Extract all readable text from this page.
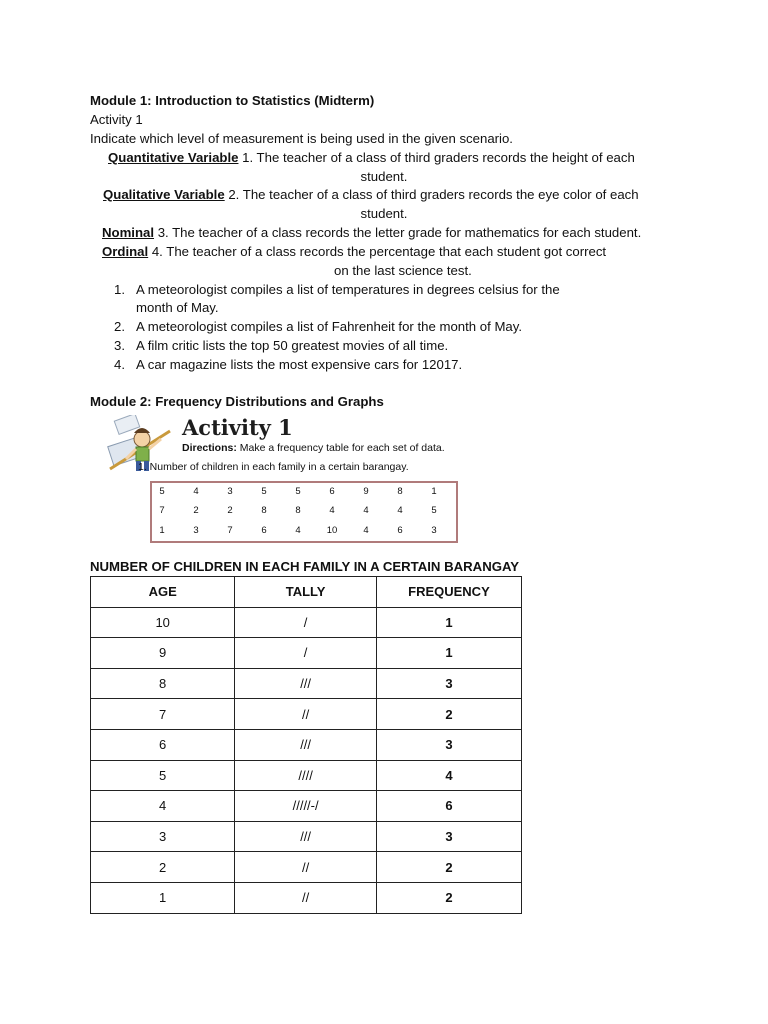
Module 1: Introduction to Statistics (Midterm)
Activity 1
Indicate which level of measurement is being used in the given scenario.
Quantitative Variable 1. The teacher of a class of third graders records the height of each
student.
Qualitative Variable 2. The teacher of a class of third graders records the eye color of each
student.
Nominal 3. The teacher of a class records the letter grade for mathematics for each student.
Ordinal 4. The teacher of a class records the percentage that each student got correct
on the last science test.
1. A meteorologist compiles a list of temperatures in degrees celsius for the
month of May.
2. A meteorologist compiles a list of Fahrenheit for the month of May.
3. A film critic lists the top 50 greatest movies of all time.
4. A car magazine lists the most expensive cars for 12017.
Module 2: Frequency Distributions and Graphs
Activity 1
Directions: Make a frequency table for each set of data.
1. Number of children in each family in a certain barangay.
5	4	3	5	5	6	9	8	1
7	2	2	8	8	4	4	4	5
1	3	7	6	4	10	4	6	3
NUMBER OF CHILDREN IN EACH FAMILY IN A CERTAIN BARANGAY
AGE	TALLY	FREQUENCY
10	/	1
9	/	1
8	///	3
7	//	2
6	///	3
5	////	4
4	/////-/	6
3	///	3
2	//	2
1	//	2
